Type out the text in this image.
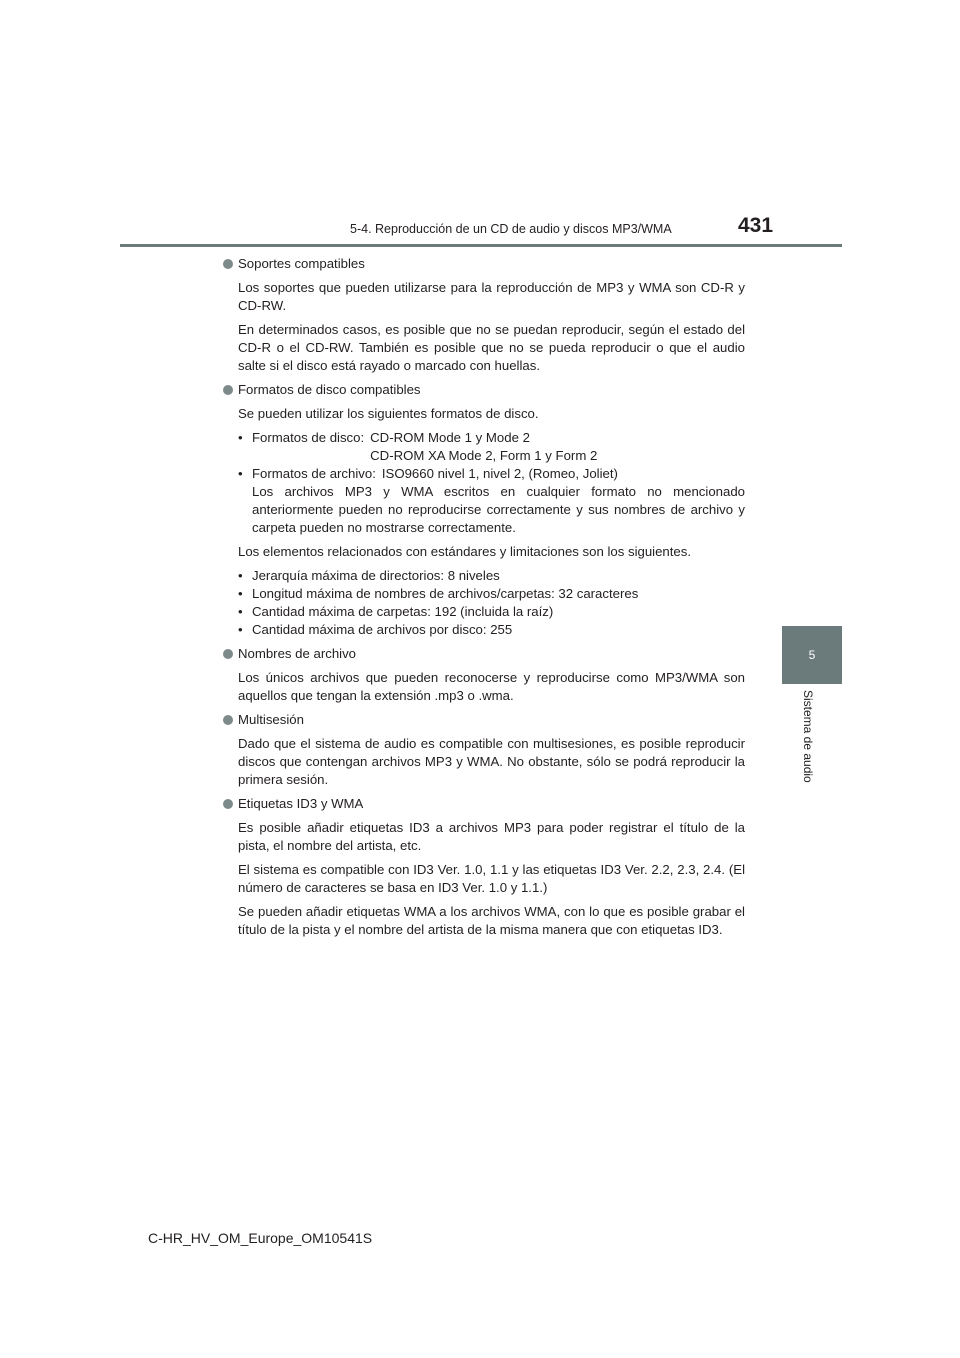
5-4. Reproducción de un CD de audio y discos MP3/WMA	431
5
Sistema de audio
Soportes compatibles

Los soportes que pueden utilizarse para la reproducción de MP3 y WMA son CD-R y CD-RW.

En determinados casos, es posible que no se puedan reproducir, según el estado del CD-R o el CD-RW. También es posible que no se pueda reproducir o que el audio salte si el disco está rayado o marcado con huellas.

Formatos de disco compatibles

Se pueden utilizar los siguientes formatos de disco.

• Formatos de disco: CD-ROM Mode 1 y Mode 2
CD-ROM XA Mode 2, Form 1 y Form 2
• Formatos de archivo: ISO9660 nivel 1, nivel 2, (Romeo, Joliet)
Los archivos MP3 y WMA escritos en cualquier formato no mencionado anteriormente pueden no reproducirse correctamente y sus nombres de archivo y carpeta pueden no mostrarse correctamente.

Los elementos relacionados con estándares y limitaciones son los siguientes.

• Jerarquía máxima de directorios: 8 niveles
• Longitud máxima de nombres de archivos/carpetas: 32 caracteres
• Cantidad máxima de carpetas: 192 (incluida la raíz)
• Cantidad máxima de archivos por disco: 255
Nombres de archivo

Los únicos archivos que pueden reconocerse y reproducirse como MP3/WMA son aquellos que tengan la extensión .mp3 o .wma.

Multisesión

Dado que el sistema de audio es compatible con multisesiones, es posible reproducir discos que contengan archivos MP3 y WMA. No obstante, sólo se podrá reproducir la primera sesión.

Etiquetas ID3 y WMA

Es posible añadir etiquetas ID3 a archivos MP3 para poder registrar el título de la pista, el nombre del artista, etc.

El sistema es compatible con ID3 Ver. 1.0, 1.1 y las etiquetas ID3 Ver. 2.2, 2.3, 2.4. (El número de caracteres se basa en ID3 Ver. 1.0 y 1.1.)

Se pueden añadir etiquetas WMA a los archivos WMA, con lo que es posible grabar el título de la pista y el nombre del artista de la misma manera que con etiquetas ID3.

C-HR_HV_OM_Europe_OM10541S
